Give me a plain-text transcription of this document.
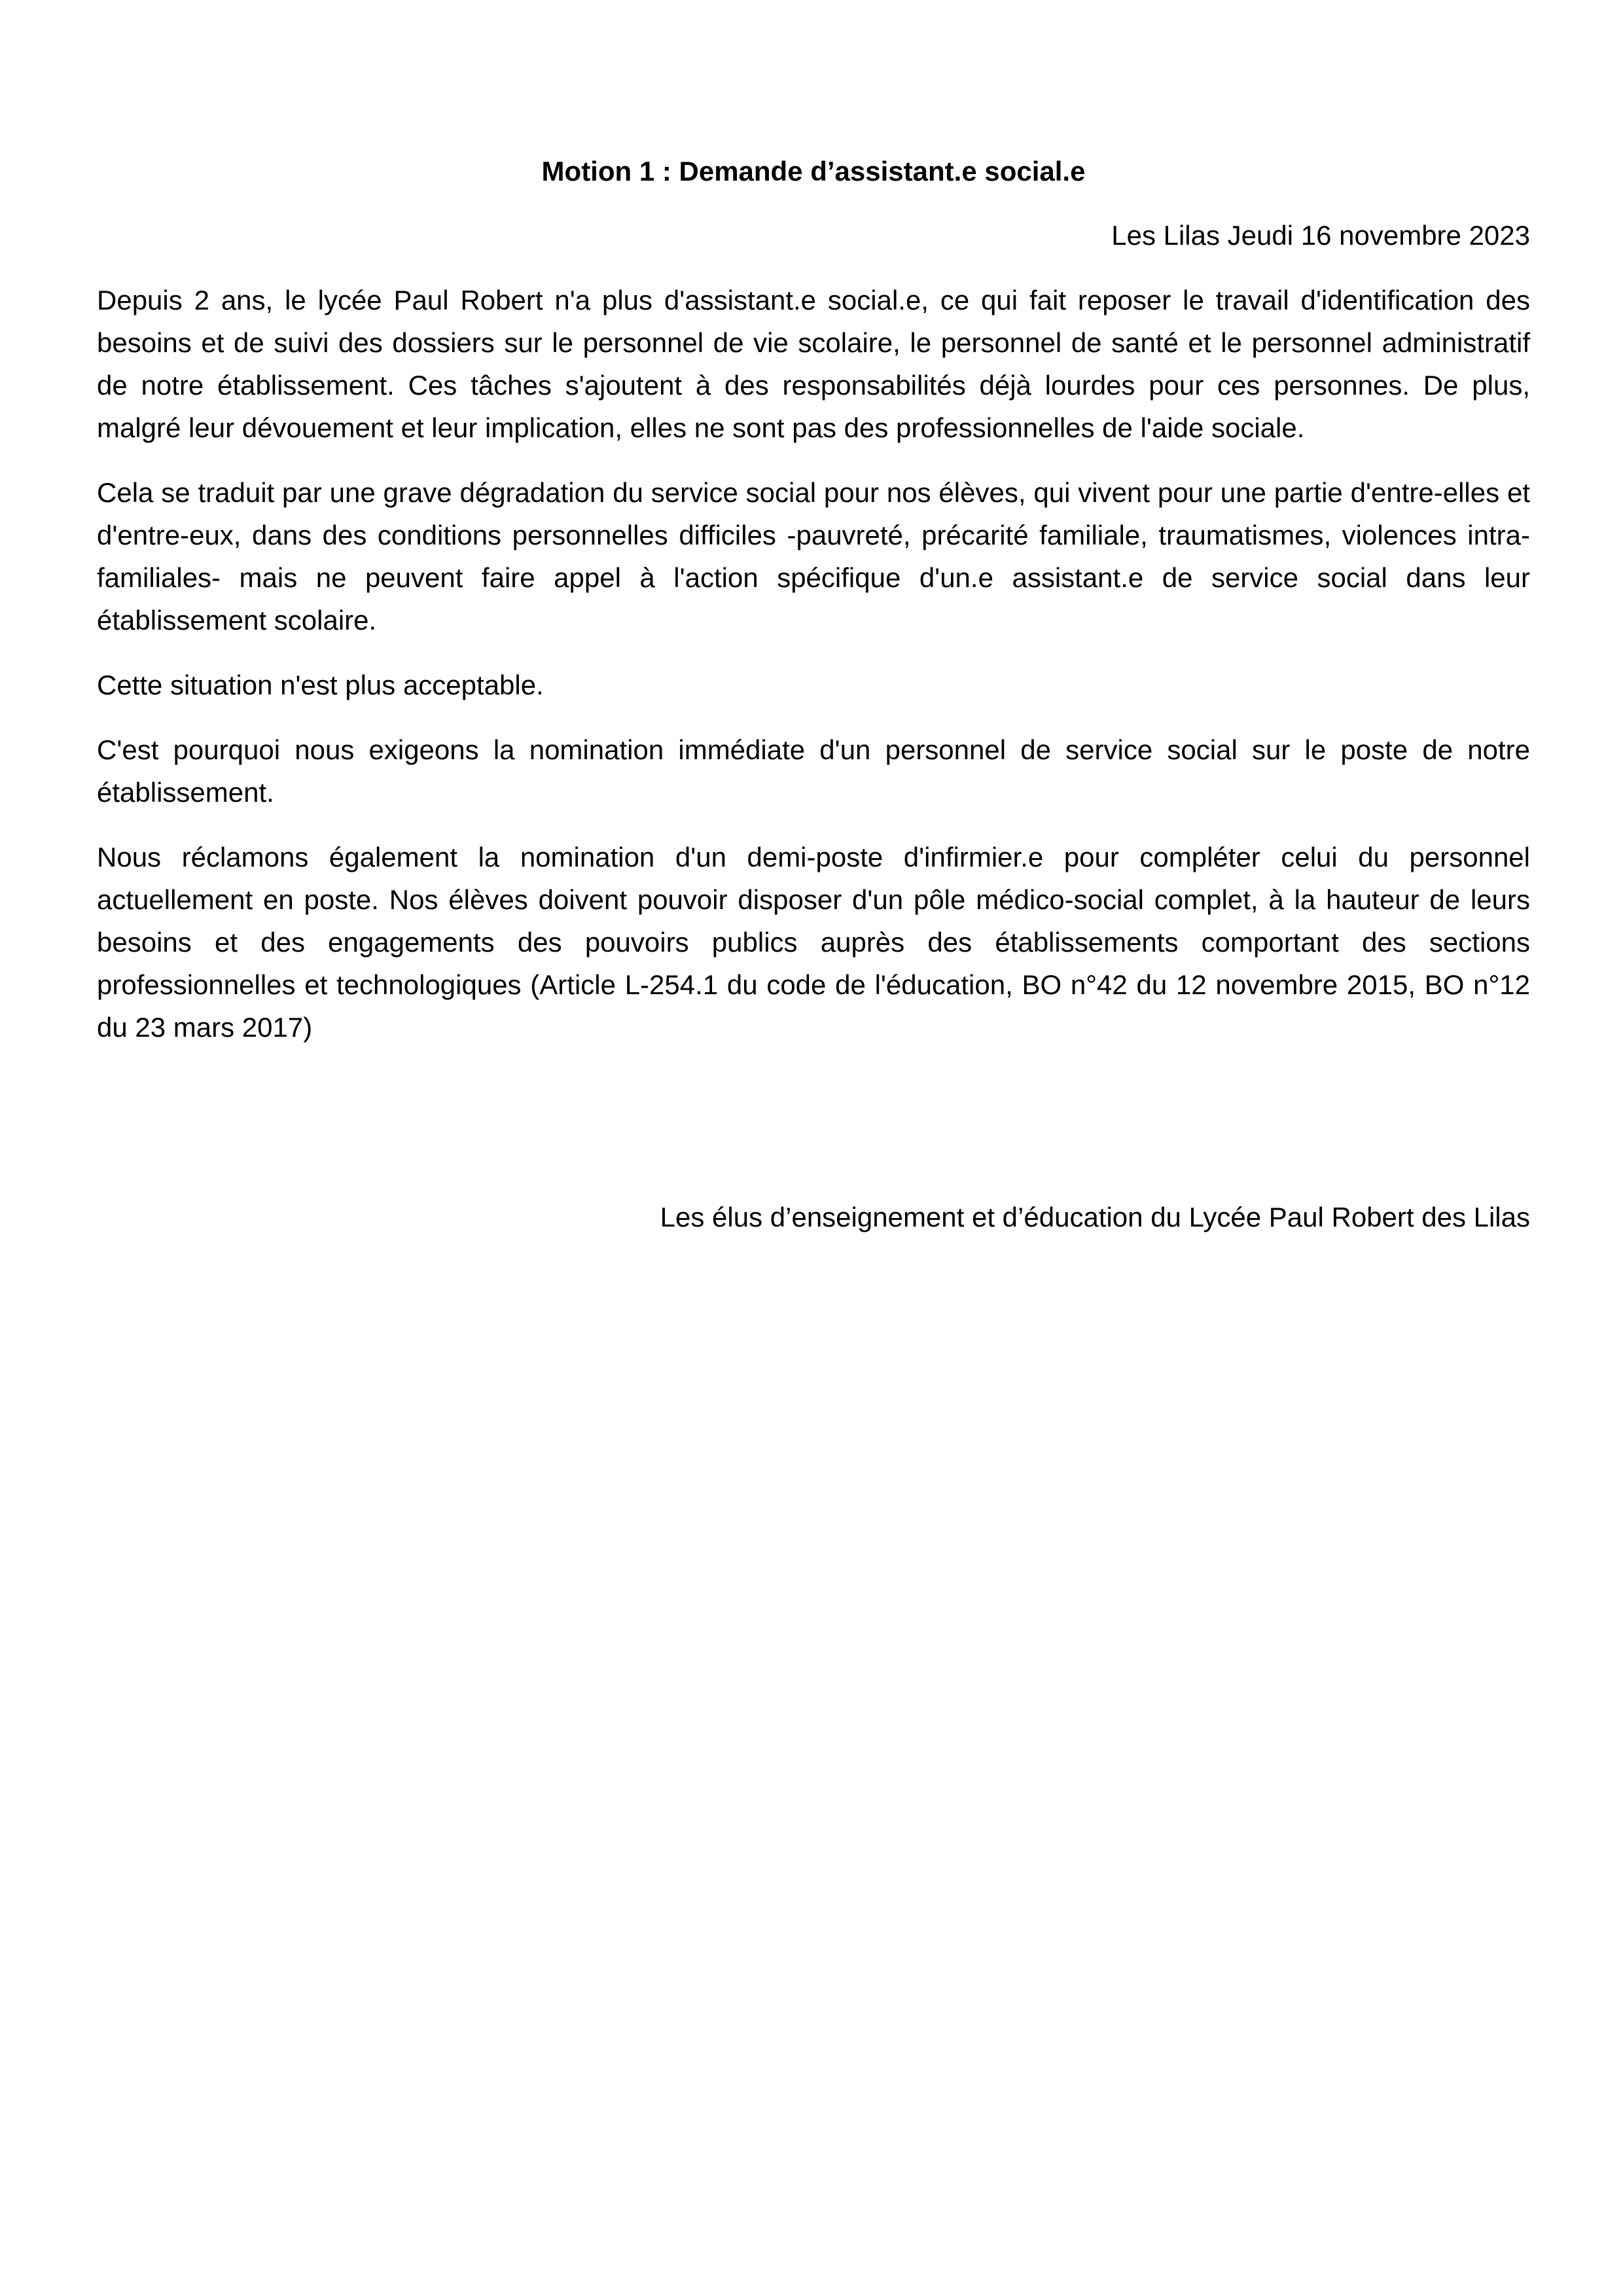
Motion 1 : Demande d’assistant.e social.e

Les Lilas Jeudi 16 novembre 2023

Depuis 2 ans, le lycée Paul Robert n'a plus d'assistant.e social.e, ce qui fait reposer le travail d'identification des besoins et de suivi des dossiers sur le personnel de vie scolaire, le personnel de santé et le personnel administratif de notre établissement. Ces tâches s'ajoutent à des responsabilités déjà lourdes pour ces personnes. De plus, malgré leur dévouement et leur implication, elles ne sont pas des professionnelles de l'aide sociale.

Cela se traduit par une grave dégradation du service social pour nos élèves, qui vivent pour une partie d'entre-elles et d'entre-eux, dans des conditions personnelles difficiles -pauvreté, précarité familiale, traumatismes, violences intra-familiales- mais ne peuvent faire appel à l'action spécifique d'un.e assistant.e de service social dans leur établissement scolaire.

Cette situation n'est plus acceptable.

C'est pourquoi nous exigeons la nomination immédiate d'un personnel de service social sur le poste de notre établissement.

Nous réclamons également la nomination d'un demi-poste d'infirmier.e pour compléter celui du personnel actuellement en poste. Nos élèves doivent pouvoir disposer d'un pôle médico-social complet, à la hauteur de leurs besoins et des engagements des pouvoirs publics auprès des établissements comportant des sections professionnelles et technologiques (Article L-254.1 du code de l'éducation, BO n°42 du 12 novembre 2015, BO n°12 du 23 mars 2017)

Les élus d’enseignement et d’éducation du Lycée Paul Robert des Lilas
